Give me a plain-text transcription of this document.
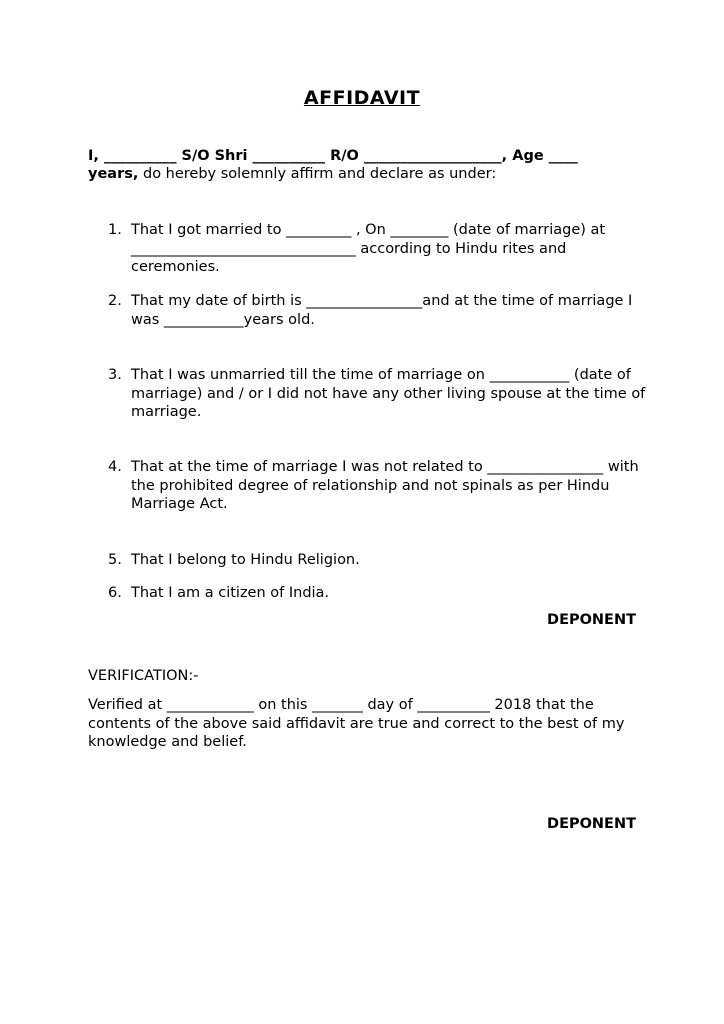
AFFIDAVIT
I, __________ S/O Shri __________ R/O ___________________, Age ____
years, do hereby solemnly affirm and declare as under:
1. That I got married to _________ , On ________ (date of marriage) at _______________________________ according to Hindu rites and ceremonies.
2. That my date of birth is ________________and at the time of marriage I was ___________years old.
3. That I was unmarried till the time of marriage on ___________ (date of marriage) and / or I did not have any other living spouse at the time of marriage.
4. That at the time of marriage I was not related to ________________ with the prohibited degree of relationship and not spinals as per Hindu Marriage Act.
5. That I belong to Hindu Religion.
6. That I am a citizen of India.
DEPONENT
VERIFICATION:-
Verified at ____________ on this _______ day of __________ 2018 that the contents of the above said affidavit are true and correct to the best of my knowledge and belief.
DEPONENT
